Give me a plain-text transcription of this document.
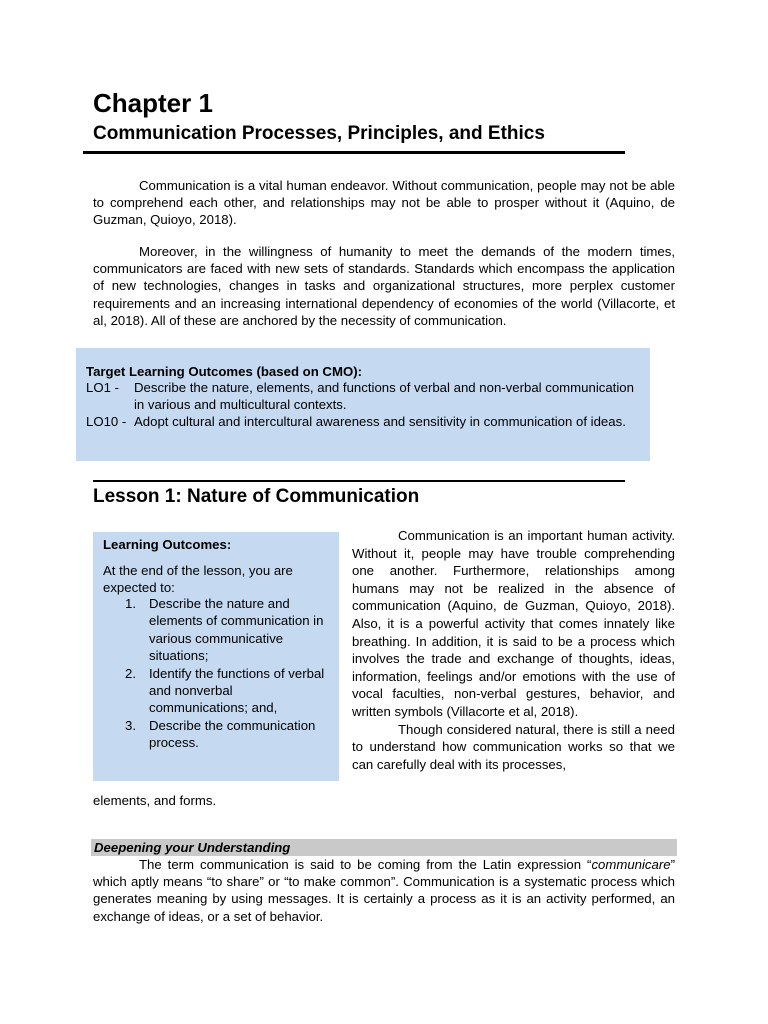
Chapter 1
Communication Processes, Principles, and Ethics
Communication is a vital human endeavor. Without communication, people may not be able to comprehend each other, and relationships may not be able to prosper without it (Aquino, de Guzman, Quioyo, 2018).
Moreover, in the willingness of humanity to meet the demands of the modern times, communicators are faced with new sets of standards. Standards which encompass the application of new technologies, changes in tasks and organizational structures, more perplex customer requirements and an increasing international dependency of economies of the world (Villacorte, et al, 2018). All of these are anchored by the necessity of communication.
Target Learning Outcomes (based on CMO):
LO1 - Describe the nature, elements, and functions of verbal and non-verbal communication in various and multicultural contexts.
LO10 - Adopt cultural and intercultural awareness and sensitivity in communication of ideas.
Lesson 1: Nature of Communication
Learning Outcomes:
At the end of the lesson, you are expected to:
1. Describe the nature and elements of communication in various communicative situations;
2. Identify the functions of verbal and nonverbal communications; and,
3. Describe the communication process.
Communication is an important human activity. Without it, people may have trouble comprehending one another. Furthermore, relationships among humans may not be realized in the absence of communication (Aquino, de Guzman, Quioyo, 2018). Also, it is a powerful activity that comes innately like breathing. In addition, it is said to be a process which involves the trade and exchange of thoughts, ideas, information, feelings and/or emotions with the use of vocal faculties, non-verbal gestures, behavior, and written symbols (Villacorte et al, 2018).
Though considered natural, there is still a need to understand how communication works so that we can carefully deal with its processes,
elements, and forms.
Deepening your Understanding
The term communication is said to be coming from the Latin expression “communicare” which aptly means “to share” or “to make common”. Communication is a systematic process which generates meaning by using messages. It is certainly a process as it is an activity performed, an exchange of ideas, or a set of behavior.
